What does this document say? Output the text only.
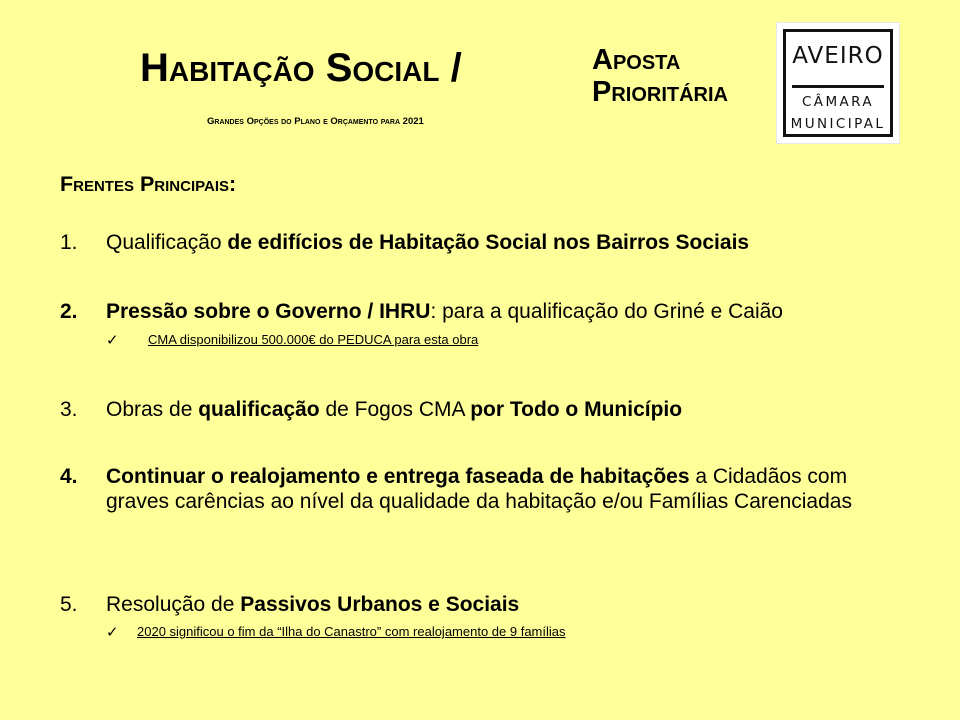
Habitação Social /	Aposta
Prioritária
Grandes Opções do Plano e Orçamento para 2021
AVEIRO
CÂMARA
MUNICIPAL
Frentes Principais:
1.	Qualificação de edifícios de Habitação Social nos Bairros Sociais
2.	Pressão sobre o Governo / IHRU: para a qualificação do Griné e Caião
✓ CMA disponibilizou 500.000€ do PEDUCA para esta obra
3.	Obras de qualificação de Fogos CMA por Todo o Município
4.	Continuar o realojamento e entrega faseada de habitações a Cidadãos com graves carências ao nível da qualidade da habitação e/ou Famílias Carenciadas
5.	Resolução de Passivos Urbanos e Sociais
✓ 2020 significou o fim da “Ilha do Canastro” com realojamento de 9 famílias
